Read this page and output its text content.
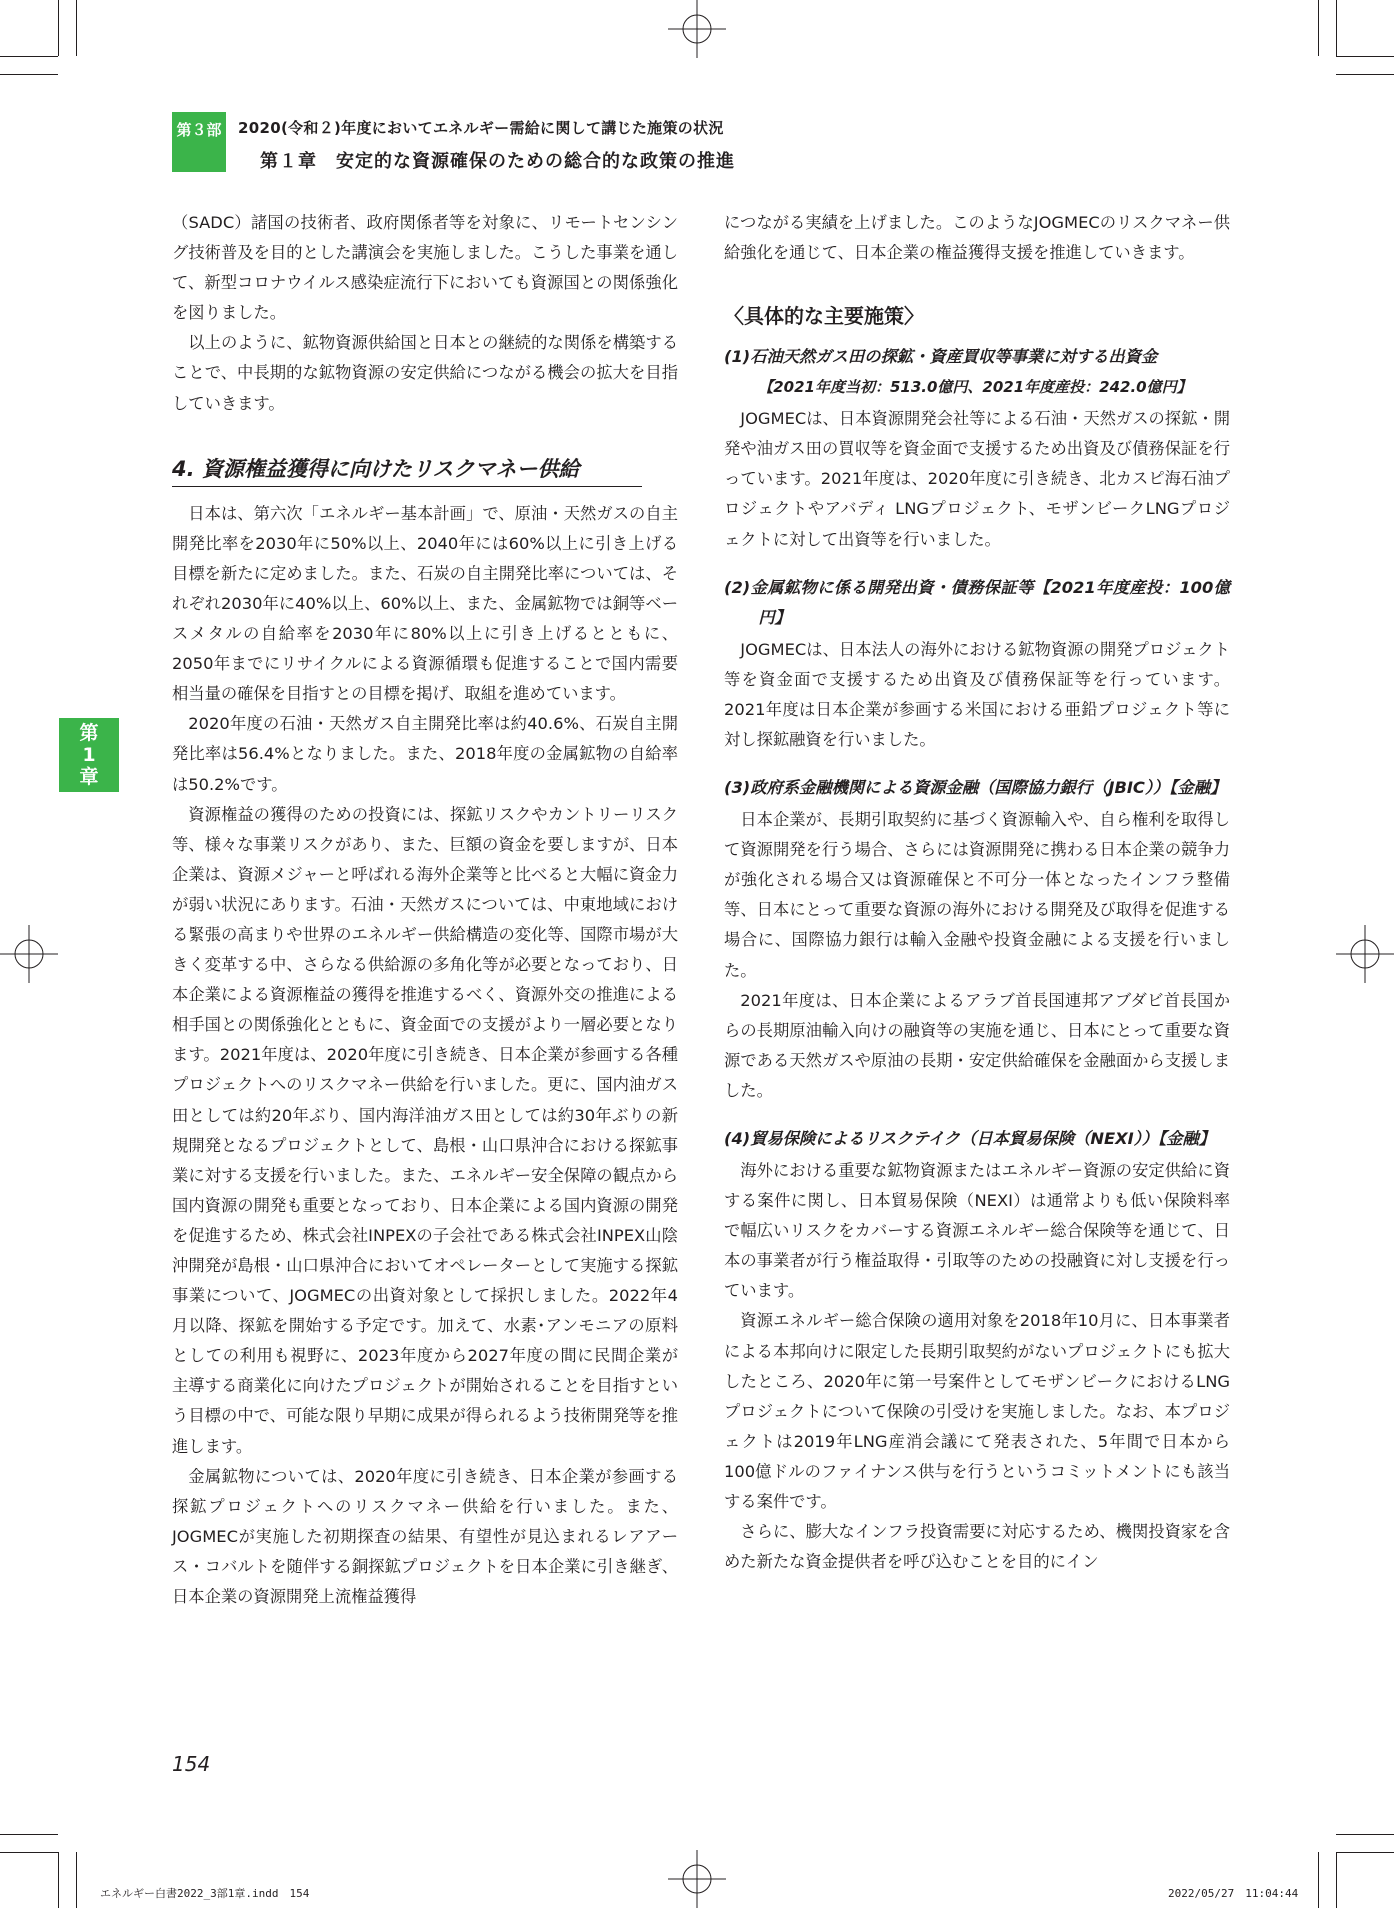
第３部	2020(令和２)年度においてエネルギー需給に関して講じた施策の状況
第１章　安定的な資源確保のための総合的な政策の推進
第
1
章

（SADC）諸国の技術者、政府関係者等を対象に、リモートセンシング技術普及を目的とした講演会を実施しました。こうした事業を通して、新型コロナウイルス感染症流行下においても資源国との関係強化を図りました。

以上のように、鉱物資源供給国と日本との継続的な関係を構築することで、中長期的な鉱物資源の安定供給につながる機会の拡大を目指していきます。

4. 資源権益獲得に向けたリスクマネー供給

日本は、第六次「エネルギー基本計画」で、原油・天然ガスの自主開発比率を2030年に50%以上、2040年には60%以上に引き上げる目標を新たに定めました。また、石炭の自主開発比率については、それぞれ2030年に40%以上、60%以上、また、金属鉱物では銅等ベースメタルの自給率を2030年に80%以上に引き上げるとともに、2050年までにリサイクルによる資源循環も促進することで国内需要相当量の確保を目指すとの目標を掲げ、取組を進めています。

2020年度の石油・天然ガス自主開発比率は約40.6%、石炭自主開発比率は56.4%となりました。また、2018年度の金属鉱物の自給率は50.2%です。

資源権益の獲得のための投資には、探鉱リスクやカントリーリスク等、様々な事業リスクがあり、また、巨額の資金を要しますが、日本企業は、資源メジャーと呼ばれる海外企業等と比べると大幅に資金力が弱い状況にあります。石油・天然ガスについては、中東地域における緊張の高まりや世界のエネルギー供給構造の変化等、国際市場が大きく変革する中、さらなる供給源の多角化等が必要となっており、日本企業による資源権益の獲得を推進するべく、資源外交の推進による相手国との関係強化とともに、資金面での支援がより一層必要となります。2021年度は、2020年度に引き続き、日本企業が参画する各種プロジェクトへのリスクマネー供給を行いました。更に、国内油ガス田としては約20年ぶり、国内海洋油ガス田としては約30年ぶりの新規開発となるプロジェクトとして、島根・山口県沖合における探鉱事業に対する支援を行いました。また、エネルギー安全保障の観点から国内資源の開発も重要となっており、日本企業による国内資源の開発を促進するため、株式会社INPEXの子会社である株式会社INPEX山陰沖開発が島根・山口県沖合においてオペレーターとして実施する探鉱事業について、JOGMECの出資対象として採択しました。2022年4月以降、探鉱を開始する予定です。加えて、水素･アンモニアの原料としての利用も視野に、2023年度から2027年度の間に民間企業が主導する商業化に向けたプロジェクトが開始されることを目指すという目標の中で、可能な限り早期に成果が得られるよう技術開発等を推進します。

金属鉱物については、2020年度に引き続き、日本企業が参画する探鉱プロジェクトへのリスクマネー供給を行いました。また、JOGMECが実施した初期探査の結果、有望性が見込まれるレアアース・コバルトを随伴する銅探鉱プロジェクトを日本企業に引き継ぎ、日本企業の資源開発上流権益獲得

につながる実績を上げました。このようなJOGMECのリスクマネー供給強化を通じて、日本企業の権益獲得支援を推進していきます。

〈具体的な主要施策〉
(1)石油天然ガス田の探鉱・資産買収等事業に対する出資金
【2021年度当初：513.0億円、2021年度産投：242.0億円】

JOGMECは、日本資源開発会社等による石油・天然ガスの探鉱・開発や油ガス田の買収等を資金面で支援するため出資及び債務保証を行っています。2021年度は、2020年度に引き続き、北カスピ海石油プロジェクトやアバディ LNGプロジェクト、モザンビークLNGプロジェクトに対して出資等を行いました。

(2)金属鉱物に係る開発出資・債務保証等【2021年度産投：100億円】

JOGMECは、日本法人の海外における鉱物資源の開発プロジェクト等を資金面で支援するため出資及び債務保証等を行っています。2021年度は日本企業が参画する米国における亜鉛プロジェクト等に対し探鉱融資を行いました。

(3)政府系金融機関による資源金融（国際協力銀行（JBIC））【金融】

日本企業が、長期引取契約に基づく資源輸入や、自ら権利を取得して資源開発を行う場合、さらには資源開発に携わる日本企業の競争力が強化される場合又は資源確保と不可分一体となったインフラ整備等、日本にとって重要な資源の海外における開発及び取得を促進する場合に、国際協力銀行は輸入金融や投資金融による支援を行いました。

2021年度は、日本企業によるアラブ首長国連邦アブダビ首長国からの長期原油輸入向けの融資等の実施を通じ、日本にとって重要な資源である天然ガスや原油の長期・安定供給確保を金融面から支援しました。

(4)貿易保険によるリスクテイク（日本貿易保険（NEXI））【金融】

海外における重要な鉱物資源またはエネルギー資源の安定供給に資する案件に関し、日本貿易保険（NEXI）は通常よりも低い保険料率で幅広いリスクをカバーする資源エネルギー総合保険等を通じて、日本の事業者が行う権益取得・引取等のための投融資に対し支援を行っています。

資源エネルギー総合保険の適用対象を2018年10月に、日本事業者による本邦向けに限定した長期引取契約がないプロジェクトにも拡大したところ、2020年に第一号案件としてモザンビークにおけるLNGプロジェクトについて保険の引受けを実施しました。なお、本プロジェクトは2019年LNG産消会議にて発表された、5年間で日本から100億ドルのファイナンス供与を行うというコミットメントにも該当する案件です。

さらに、膨大なインフラ投資需要に対応するため、機関投資家を含めた新たな資金提供者を呼び込むことを目的にイン

154
エネルギー白書2022_3部1章.indd　154	2022/05/27　11:04:44
